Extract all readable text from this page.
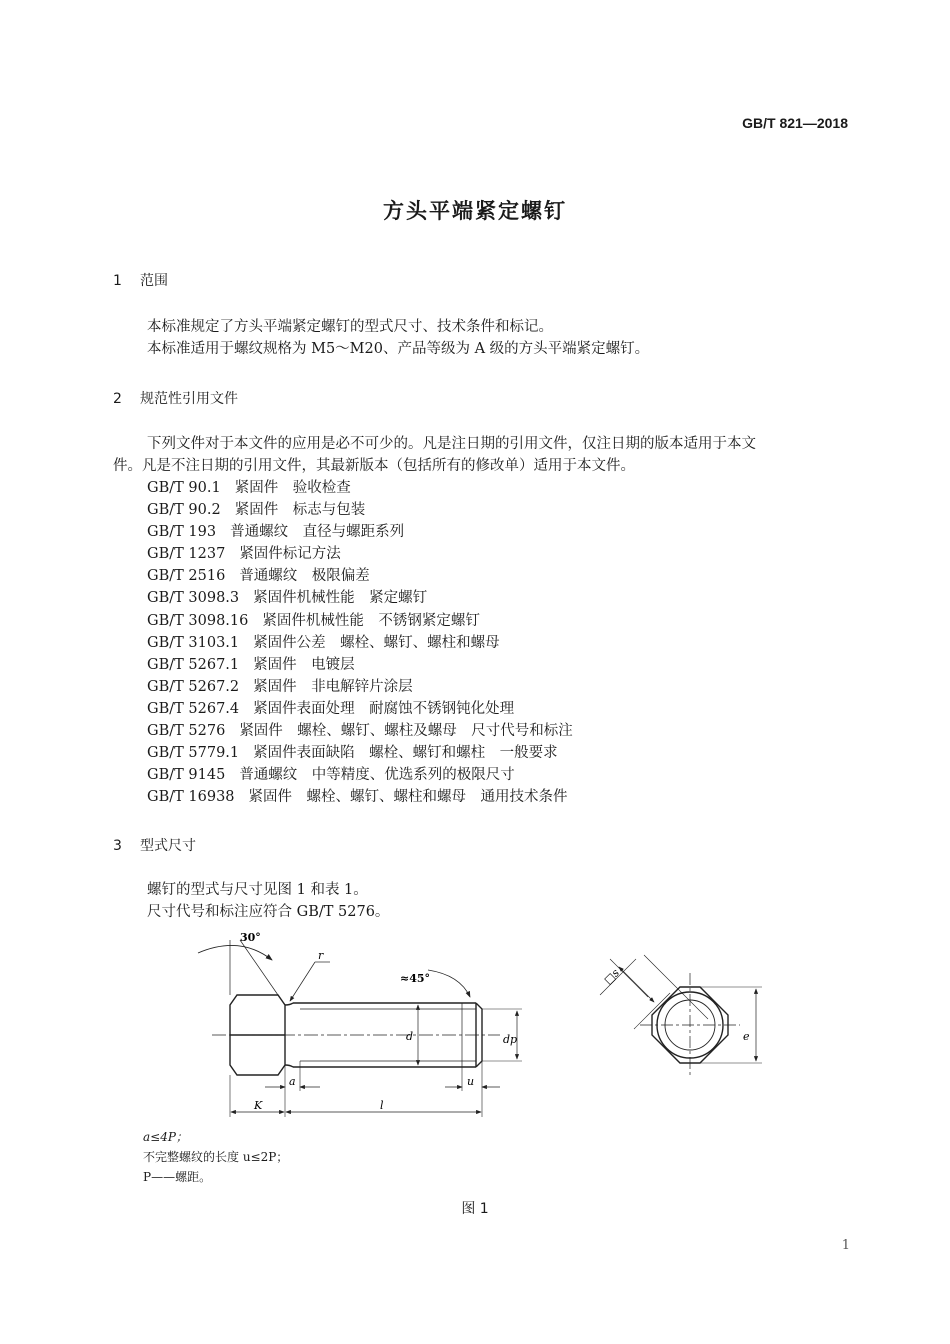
GB/T 821—2018
方头平端紧定螺钉
1 范围
本标准规定了方头平端紧定螺钉的型式尺寸、技术条件和标记。
本标准适用于螺纹规格为 M5～M20、产品等级为 A 级的方头平端紧定螺钉。
2 规范性引用文件
下列文件对于本文件的应用是必不可少的。凡是注日期的引用文件，仅注日期的版本适用于本文
件。凡是不注日期的引用文件，其最新版本（包括所有的修改单）适用于本文件。
GB/T 90.1 紧固件　验收检查
GB/T 90.2 紧固件　标志与包装
GB/T 193 普通螺纹　直径与螺距系列
GB/T 1237 紧固件标记方法
GB/T 2516 普通螺纹　极限偏差
GB/T 3098.3 紧固件机械性能　紧定螺钉
GB/T 3098.16 紧固件机械性能　不锈钢紧定螺钉
GB/T 3103.1 紧固件公差　螺栓、螺钉、螺柱和螺母
GB/T 5267.1 紧固件　电镀层
GB/T 5267.2 紧固件　非电解锌片涂层
GB/T 5267.4 紧固件表面处理　耐腐蚀不锈钢钝化处理
GB/T 5276 紧固件　螺栓、螺钉、螺柱及螺母　尺寸代号和标注
GB/T 5779.1 紧固件表面缺陷　螺栓、螺钉和螺柱　一般要求
GB/T 9145 普通螺纹　中等精度、优选系列的极限尺寸
GB/T 16938 紧固件　螺栓、螺钉、螺柱和螺母　通用技术条件
3 型式尺寸
螺钉的型式与尺寸见图 1 和表 1。
尺寸代号和标注应符合 GB/T 5276。
30°
r
≈45°
d	dp
a	u
K	l
□s
e
a≤4P；
不完整螺纹的长度 u≤2P；
P——螺距。
图 1
1
